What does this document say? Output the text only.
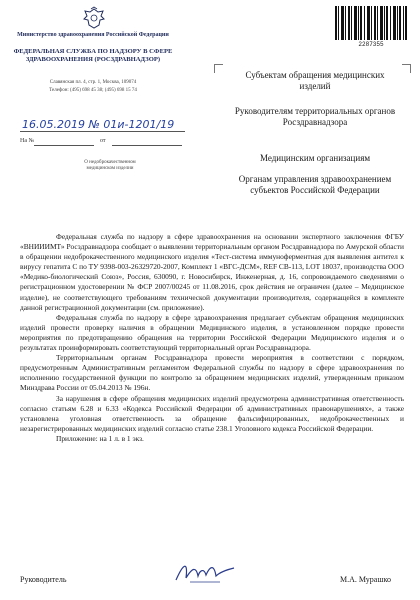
Министерство здравоохранения Российской Федерации
ФЕДЕРАЛЬНАЯ СЛУЖБА ПО НАДЗОРУ В СФЕРЕ ЗДРАВООХРАНЕНИЯ (РОСЗДРАВНАДЗОР)
Славянская пл. 4, стр. 1, Москва, 109074
Телефон: (495) 698 45 38; (495) 698 15 74
16.05.2019 № 01и-1201/19
На №	от
О недоброкачественном
медицинском изделии
2287355
Субъектам обращения медицинских изделий
Руководителям территориальных органов Росздравнадзора
Медицинским организациям
Органам управления здравоохранением субъектов Российской Федерации

Федеральная служба по надзору в сфере здравоохранения на основании экспертного заключения ФГБУ «ВНИИИМТ» Росздравнадзора сообщает о выявлении территориальным органом Росздравнадзора по Амурской области в обращении недоброкачественного медицинского изделия «Тест-система иммуноферментная для выявления антител к вирусу гепатита С по ТУ 9398-003-26329720-2007, Комплект 1 «ВГС-ДСМ», REF СВ-113, LOT 18037, производства ООО «Медико-биологический Союз», Россия, 630090, г. Новосибирск, Инженерная, д. 16, сопровождаемого сведениями о регистрационном удостоверении № ФСР 2007/00245 от 11.08.2016, срок действия не ограничен (далее – Медицинское изделие), не соответствующего требованиям технической документации производителя, содержащейся в комплекте данной регистрационной документации (см. приложение).

Федеральная служба по надзору в сфере здравоохранения предлагает субъектам обращения медицинских изделий провести проверку наличия в обращении Медицинского изделия, в установленном порядке провести мероприятия по предотвращению обращения на территории Российской Федерации Медицинского изделия и о результатах проинформировать соответствующий территориальный орган Росздравнадзора.

Территориальным органам Росздравнадзора провести мероприятия в соответствии с порядком, предусмотренным Административным регламентом Федеральной службы по надзору в сфере здравоохранения по исполнению государственной функции по контролю за обращением медицинских изделий, утвержденным приказом Минздрава России от 05.04.2013 № 196н.

За нарушения в сфере обращения медицинских изделий предусмотрена административная ответственность согласно статьям 6.28 и 6.33 «Кодекса Российской Федерации об административных правонарушениях», а также установлена уголовная ответственность за обращение фальсифицированных, недоброкачественных и незарегистрированных медицинских изделий согласно статье 238.1 Уголовного кодекса Российской Федерации.

Приложение: на 1 л. в 1 экз.

Руководитель	М.А. Мурашко
